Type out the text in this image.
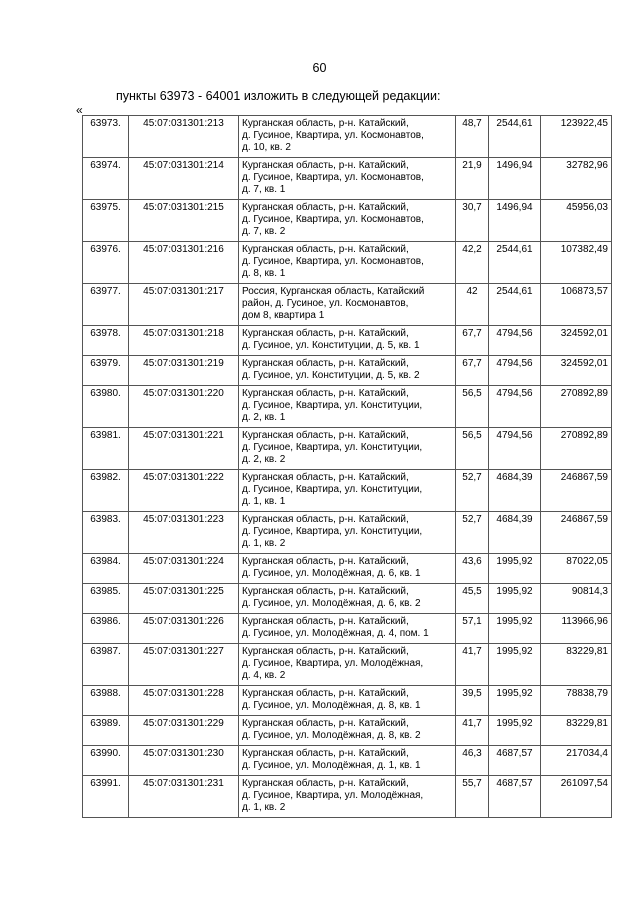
60
пункты 63973 - 64001 изложить в следующей редакции:
«
63973.	45:07:031301:213	Курганская область, р-н. Катайский,
д. Гусиное, Квартира, ул. Космонавтов,
д. 10, кв. 2	48,7	2544,61	123922,45
63974.	45:07:031301:214	Курганская область, р-н. Катайский,
д. Гусиное, Квартира, ул. Космонавтов,
д. 7, кв. 1	21,9	1496,94	32782,96
63975.	45:07:031301:215	Курганская область, р-н. Катайский,
д. Гусиное, Квартира, ул. Космонавтов,
д. 7, кв. 2	30,7	1496,94	45956,03
63976.	45:07:031301:216	Курганская область, р-н. Катайский,
д. Гусиное, Квартира, ул. Космонавтов,
д. 8, кв. 1	42,2	2544,61	107382,49
63977.	45:07:031301:217	Россия, Курганская область, Катайский
район, д. Гусиное, ул. Космонавтов,
дом 8, квартира 1	42	2544,61	106873,57
63978.	45:07:031301:218	Курганская область, р-н. Катайский,
д. Гусиное, ул. Конституции, д. 5, кв. 1	67,7	4794,56	324592,01
63979.	45:07:031301:219	Курганская область, р-н. Катайский,
д. Гусиное, ул. Конституции, д. 5, кв. 2	67,7	4794,56	324592,01
63980.	45:07:031301:220	Курганская область, р-н. Катайский,
д. Гусиное, Квартира, ул. Конституции,
д. 2, кв. 1	56,5	4794,56	270892,89
63981.	45:07:031301:221	Курганская область, р-н. Катайский,
д. Гусиное, Квартира, ул. Конституции,
д. 2, кв. 2	56,5	4794,56	270892,89
63982.	45:07:031301:222	Курганская область, р-н. Катайский,
д. Гусиное, Квартира, ул. Конституции,
д. 1, кв. 1	52,7	4684,39	246867,59
63983.	45:07:031301:223	Курганская область, р-н. Катайский,
д. Гусиное, Квартира, ул. Конституции,
д. 1, кв. 2	52,7	4684,39	246867,59
63984.	45:07:031301:224	Курганская область, р-н. Катайский,
д. Гусиное, ул. Молодёжная, д. 6, кв. 1	43,6	1995,92	87022,05
63985.	45:07:031301:225	Курганская область, р-н. Катайский,
д. Гусиное, ул. Молодёжная, д. 6, кв. 2	45,5	1995,92	90814,3
63986.	45:07:031301:226	Курганская область, р-н. Катайский,
д. Гусиное, ул. Молодёжная, д. 4, пом. 1	57,1	1995,92	113966,96
63987.	45:07:031301:227	Курганская область, р-н. Катайский,
д. Гусиное, Квартира, ул. Молодёжная,
д. 4, кв. 2	41,7	1995,92	83229,81
63988.	45:07:031301:228	Курганская область, р-н. Катайский,
д. Гусиное, ул. Молодёжная, д. 8, кв. 1	39,5	1995,92	78838,79
63989.	45:07:031301:229	Курганская область, р-н. Катайский,
д. Гусиное, ул. Молодёжная, д. 8, кв. 2	41,7	1995,92	83229,81
63990.	45:07:031301:230	Курганская область, р-н. Катайский,
д. Гусиное, ул. Молодёжная, д. 1, кв. 1	46,3	4687,57	217034,4
63991.	45:07:031301:231	Курганская область, р-н. Катайский,
д. Гусиное, Квартира, ул. Молодёжная,
д. 1, кв. 2	55,7	4687,57	261097,54
